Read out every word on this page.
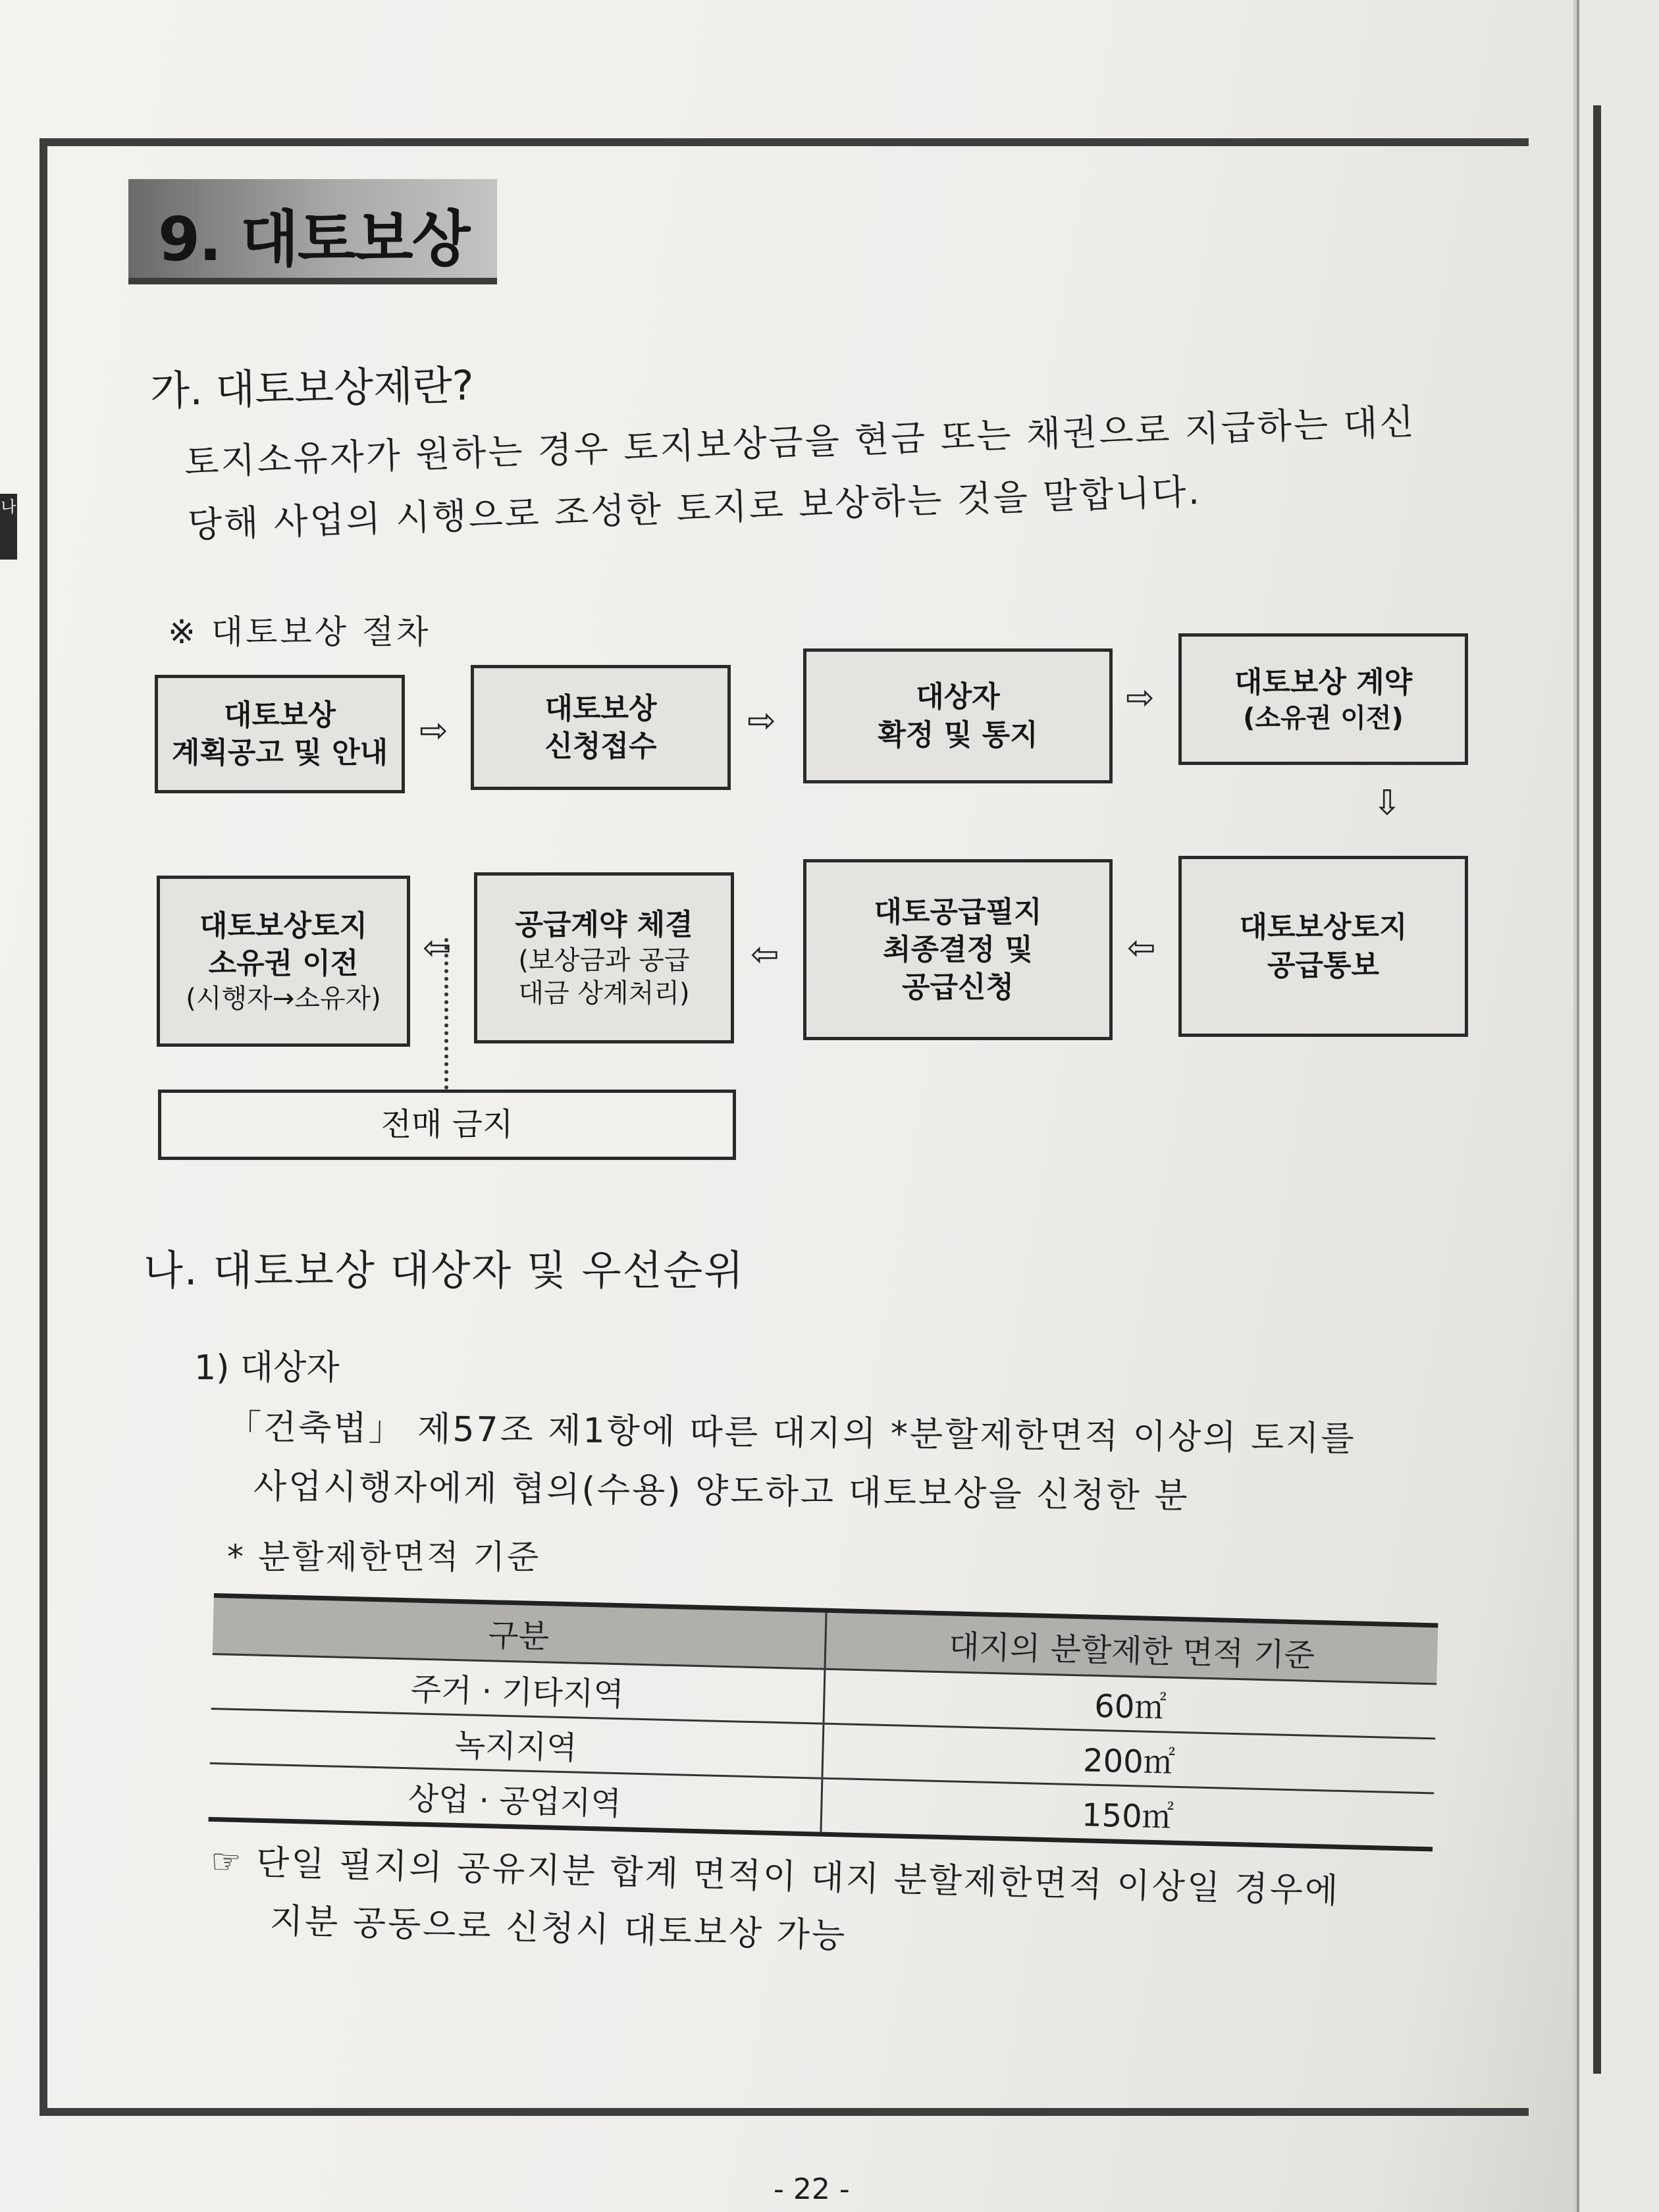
9. 대토보상
가. 대토보상제란?
토지소유자가 원하는 경우 토지보상금을 현금 또는 채권으로 지급하는 대신
당해 사업의 시행으로 조성한 토지로 보상하는 것을 말합니다.
※ 대토보상 절차
대토보상
계획공고 및 안내
⇨
대토보상
신청접수
⇨
대상자
확정 및 통지
⇨	대토보상 계약
(소유권 이전)
⇩
대토보상토지
공급통보
⇦
대토공급필지
최종결정 및
공급신청
⇦
공급계약 체결
(보상금과 공급
대금 상계처리)
⇦
대토보상토지
소유권 이전
(시행자→소유자)
전매 금지
나. 대토보상 대상자 및 우선순위
1) 대상자
「건축법」 제57조 제1항에 따른 대지의 *분할제한면적 이상의 토지를
사업시행자에게 협의(수용) 양도하고 대토보상을 신청한 분
* 분할제한면적 기준
구분	대지의 분할제한 면적 기준
주거 · 기타지역	60㎡
녹지지역	200㎡
상업 · 공업지역	150㎡
☞ 단일 필지의 공유지분 합계 면적이 대지 분할제한면적 이상일 경우에
지분 공동으로 신청시 대토보상 가능
- 22 -
나
